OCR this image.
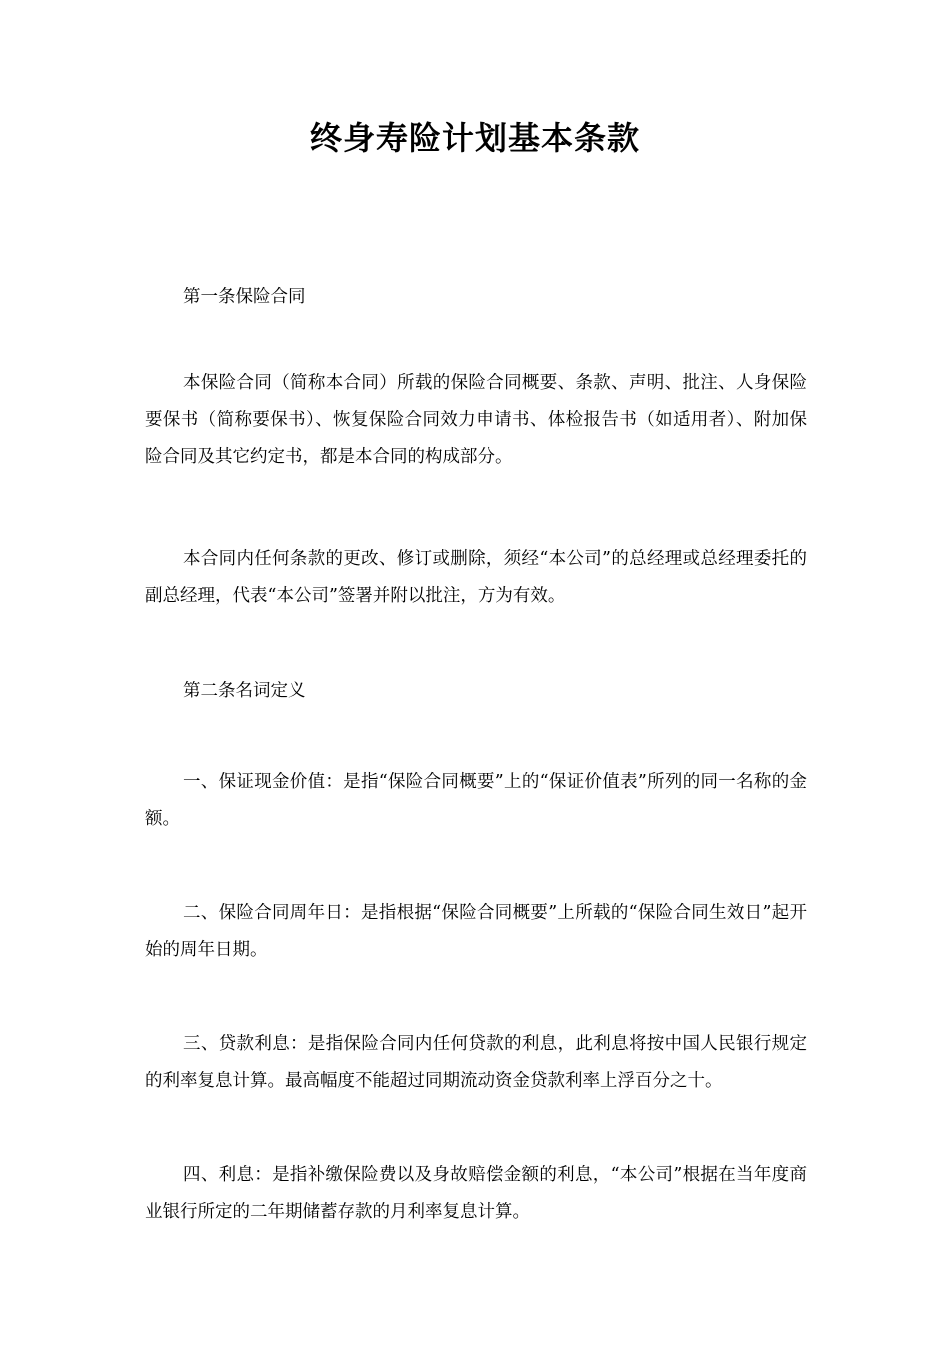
终身寿险计划基本条款

第一条保险合同

本保险合同（简称本合同）所载的保险合同概要、条款、声明、批注、人身保险要保书（简称要保书）、恢复保险合同效力申请书、体检报告书（如适用者）、附加保险合同及其它约定书，都是本合同的构成部分。

本合同内任何条款的更改、修订或删除，须经“本公司”的总经理或总经理委托的副总经理，代表“本公司”签署并附以批注，方为有效。

第二条名词定义

一、保证现金价值：是指“保险合同概要”上的“保证价值表”所列的同一名称的金额。

二、保险合同周年日：是指根据“保险合同概要”上所载的“保险合同生效日”起开始的周年日期。

三、贷款利息：是指保险合同内任何贷款的利息，此利息将按中国人民银行规定的利率复息计算。最高幅度不能超过同期流动资金贷款利率上浮百分之十。

四、利息：是指补缴保险费以及身故赔偿金额的利息，“本公司”根据在当年度商业银行所定的二年期储蓄存款的月利率复息计算。
